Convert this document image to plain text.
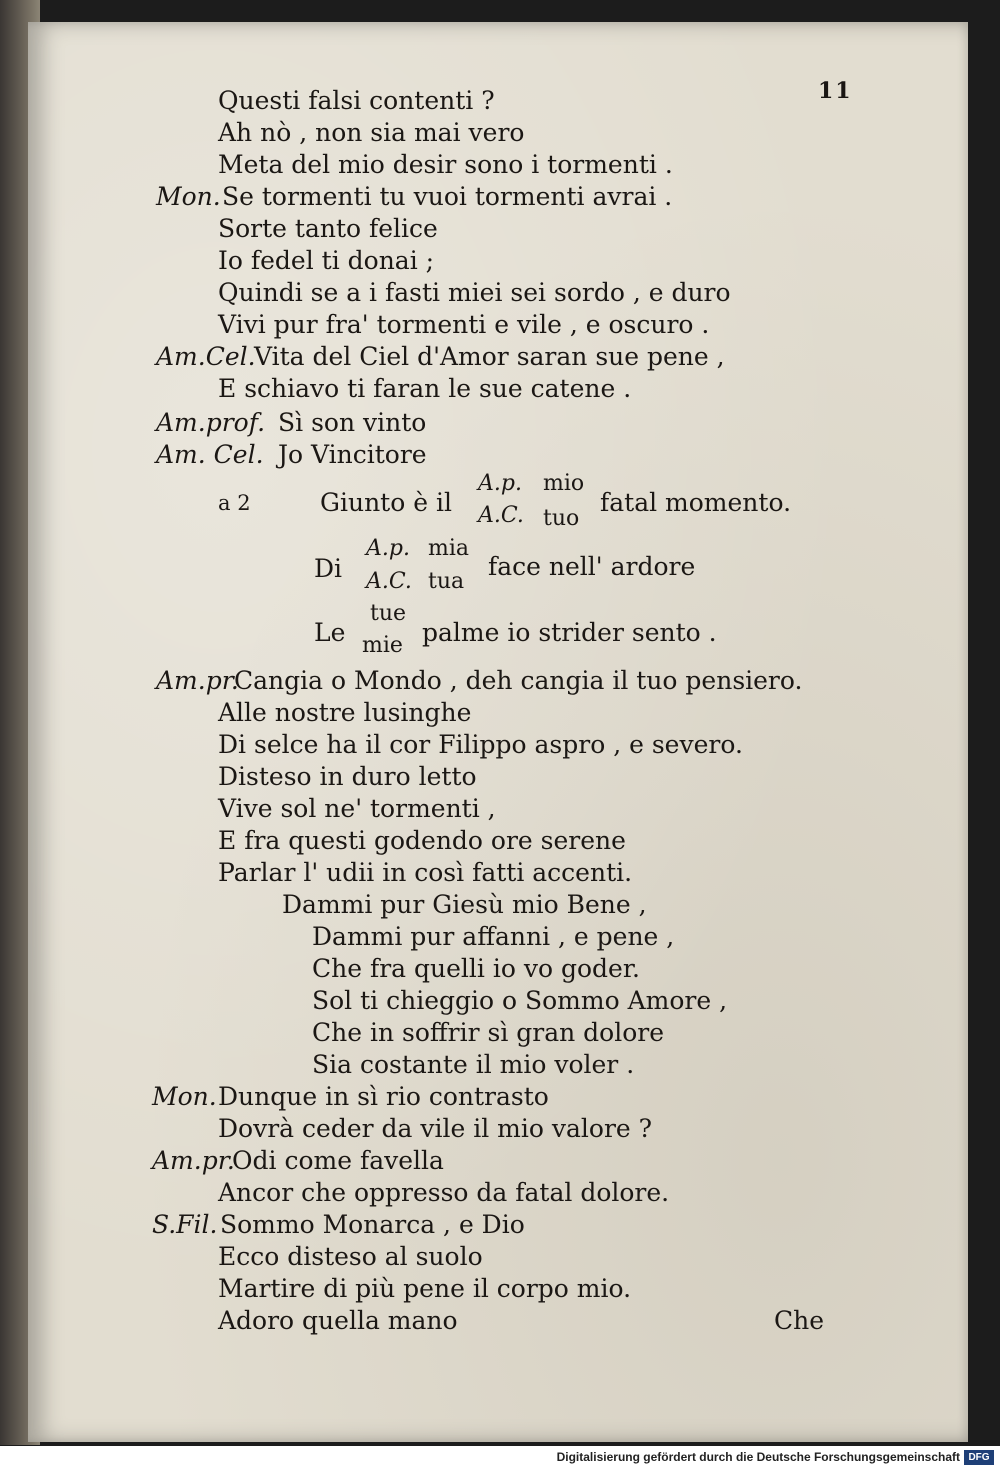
11
Questi falsi contenti ?
Ah nò , non sia mai vero
Meta del mio desir sono i tormenti .
Mon. Se tormenti tu vuoi tormenti avrai .
Sorte tanto felice
Io fedel ti donai ;
Quindi se a i fasti miei sei sordo , e duro
Vivi pur fra' tormenti e vile , e oscuro .
Am.Cel.
Vita del Ciel d'Amor saran sue pene ,
E schiavo ti faran le sue catene .
Am.prof. Sì son vinto
Am. Cel. Jo Vincitore
a 2	Giunto è il
A.p. mio
A.C. tuo
fatal momento.
Di
A.p. mia
A.C. tua
face nell' ardore
Le
tue
mie palme io strider sento .
Am.pr.
Cangia o Mondo , deh cangia il tuo pensiero.
Alle nostre lusinghe
Di selce ha il cor Filippo aspro , e severo.
Disteso in duro letto
Vive sol ne' tormenti ,
E fra questi godendo ore serene
Parlar l' udii in così fatti accenti.
Dammi pur Giesù mio Bene ,
Dammi pur affanni , e pene ,
Che fra quelli io vo goder.
Sol ti chieggio o Sommo Amore ,
Che in soffrir sì gran dolore
Sia costante il mio voler .
Mon. Dunque in sì rio contrasto
Dovrà ceder da vile il mio valore ?
Am.pr.
Odi come favella
Ancor che oppresso da fatal dolore.
S.Fil. Sommo Monarca , e Dio
Ecco disteso al suolo
Martire di più pene il corpo mio.
Adoro quella mano	Che
Digitalisierung gefördert durch die Deutsche Forschungsgemeinschaft DFG
